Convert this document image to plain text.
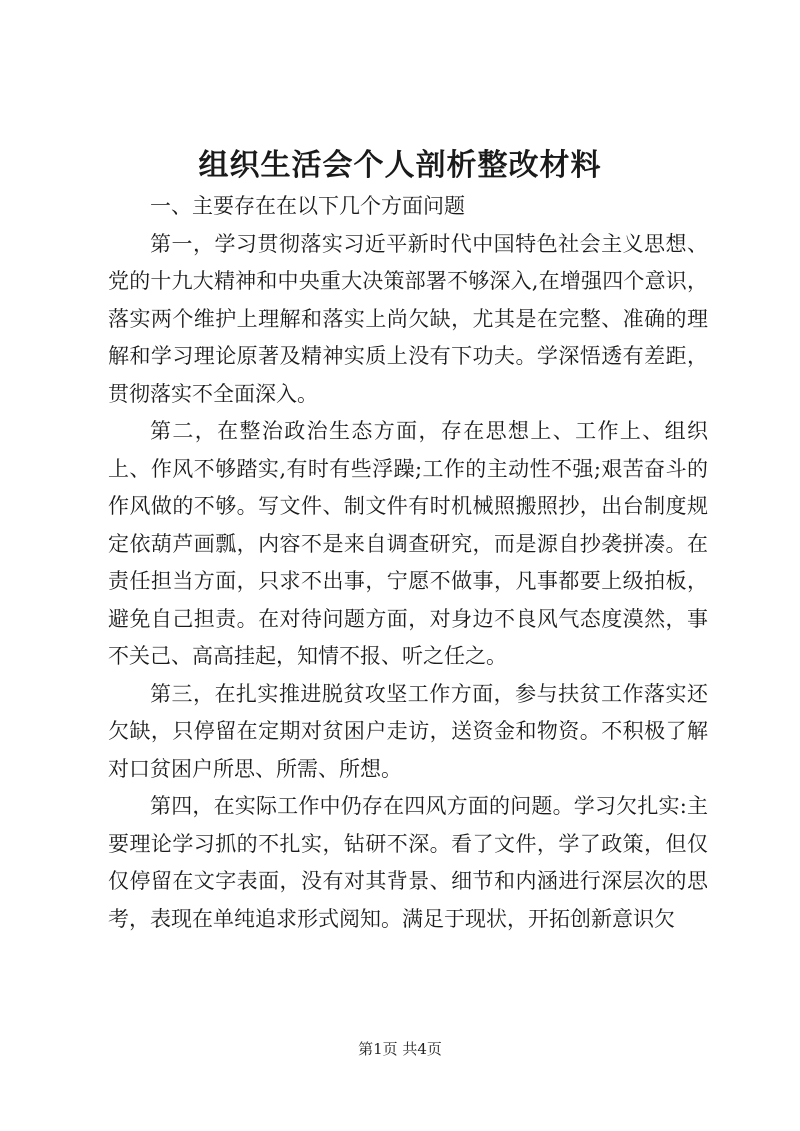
组织生活会个人剖析整改材料

一、主要存在在以下几个方面问题

第一，学习贯彻落实习近平新时代中国特色社会主义思想、党的十九大精神和中央重大决策部署不够深入,在增强四个意识，落实两个维护上理解和落实上尚欠缺，尤其是在完整、准确的理解和学习理论原著及精神实质上没有下功夫。学深悟透有差距，贯彻落实不全面深入。

第二，在整治政治生态方面，存在思想上、工作上、组织上、作风不够踏实,有时有些浮躁;工作的主动性不强;艰苦奋斗的作风做的不够。写文件、制文件有时机械照搬照抄，出台制度规定依葫芦画瓢，内容不是来自调查研究，而是源自抄袭拼凑。在责任担当方面，只求不出事，宁愿不做事，凡事都要上级拍板，避免自己担责。在对待问题方面，对身边不良风气态度漠然，事不关己、高高挂起，知情不报、听之任之。

第三，在扎实推进脱贫攻坚工作方面，参与扶贫工作落实还欠缺，只停留在定期对贫困户走访，送资金和物资。不积极了解对口贫困户所思、所需、所想。

第四，在实际工作中仍存在四风方面的问题。学习欠扎实:主要理论学习抓的不扎实，钻研不深。看了文件，学了政策，但仅仅停留在文字表面，没有对其背景、细节和内涵进行深层次的思考，表现在单纯追求形式阅知。满足于现状，开拓创新意识欠

第1页 共4页
